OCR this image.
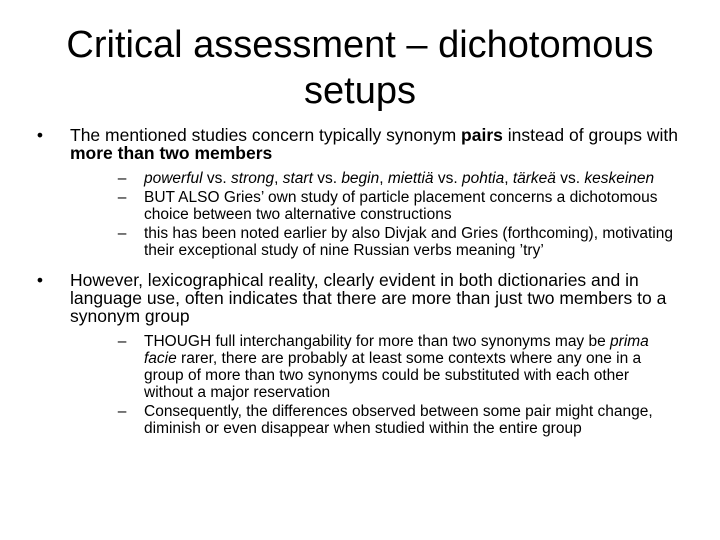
Critical assessment – dichotomous
setups
•	The mentioned studies concern typically synonym pairs instead of groups with more than two members
–	powerful vs. strong, start vs. begin, miettiä vs. pohtia, tärkeä vs. keskeinen
–	BUT ALSO Gries’ own study of particle placement concerns a dichotomous choice between two alternative constructions
–	this has been noted earlier by also Divjak and Gries (forthcoming), motivating their exceptional study of nine Russian verbs meaning ’try’
•	However, lexicographical reality, clearly evident in both dictionaries and in language use, often indicates that there are more than just two members to a synonym group
–	THOUGH full interchangability for more than two synonyms may be prima facie rarer, there are probably at least some contexts where any one in a group of more than two synonyms could be substituted with each other without a major reservation
–	Consequently, the differences observed between some pair might change, diminish or even disappear when studied within the entire group
